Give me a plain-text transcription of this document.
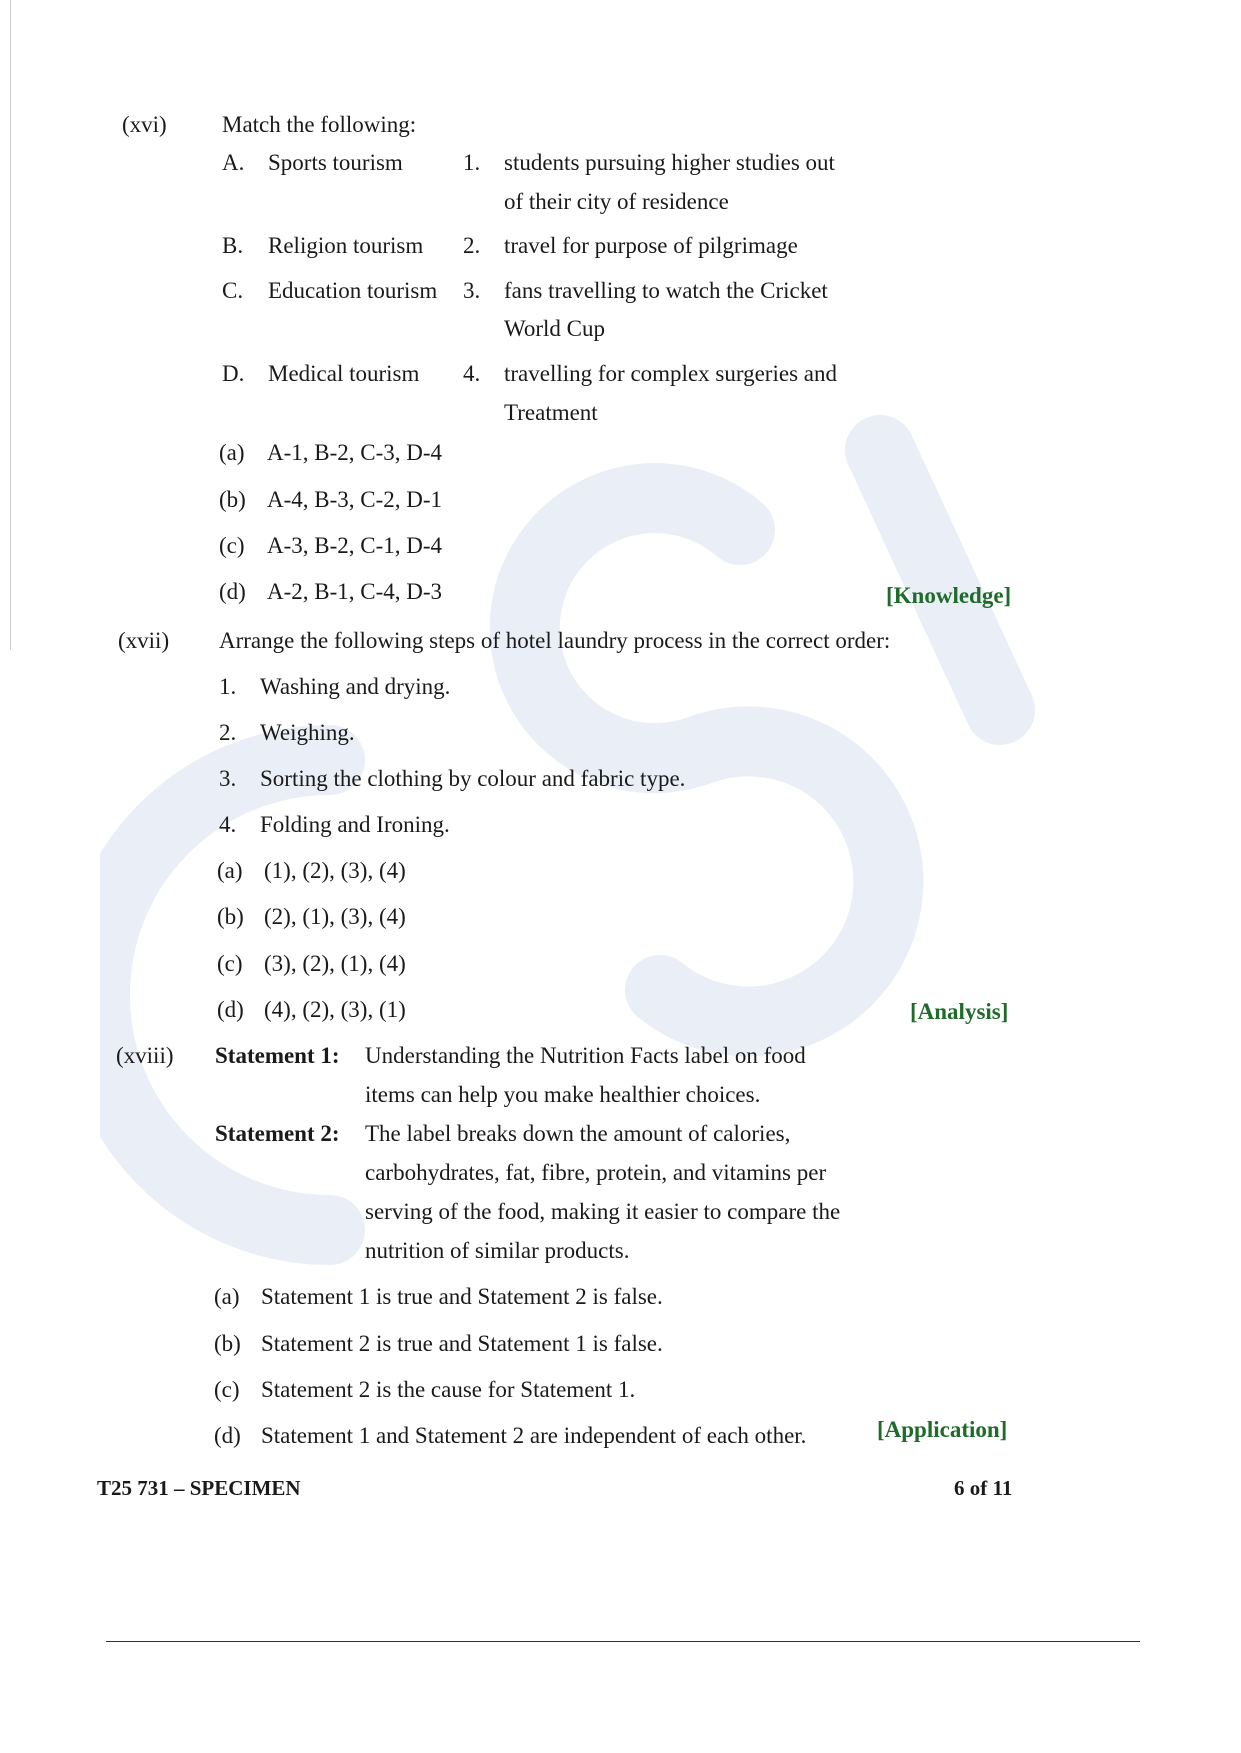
(xvi) Match the following:
A. Sports tourism	1. students pursuing higher studies out
of their city of residence
B. Religion tourism 2. travel for purpose of pilgrimage
C. Education tourism 3. fans travelling to watch the Cricket
World Cup
D. Medical tourism 4. travelling for complex surgeries and
Treatment
(a) A-1, B-2, C-3, D-4
(b) A-4, B-3, C-2, D-1
(c) A-3, B-2, C-1, D-4
(d) A-2, B-1, C-4, D-3	[Knowledge]
(xvii) Arrange the following steps of hotel laundry process in the correct order:
1. Washing and drying.
2. Weighing.
3. Sorting the clothing by colour and fabric type.
4. Folding and Ironing.
(a) (1), (2), (3), (4)
(b) (2), (1), (3), (4)
(c) (3), (2), (1), (4)
(d) (4), (2), (3), (1)	[Analysis]
(xviii) Statement 1: Understanding the Nutrition Facts label on food
items can help you make healthier choices.
Statement 2: The label breaks down the amount of calories,
carbohydrates, fat, fibre, protein, and vitamins per
serving of the food, making it easier to compare the
nutrition of similar products.
(a) Statement 1 is true and Statement 2 is false.
(b) Statement 2 is true and Statement 1 is false.
(c) Statement 2 is the cause for Statement 1.
(d) Statement 1 and Statement 2 are independent of each other.	[Application]
T25 731 – SPECIMEN	6 of 11
